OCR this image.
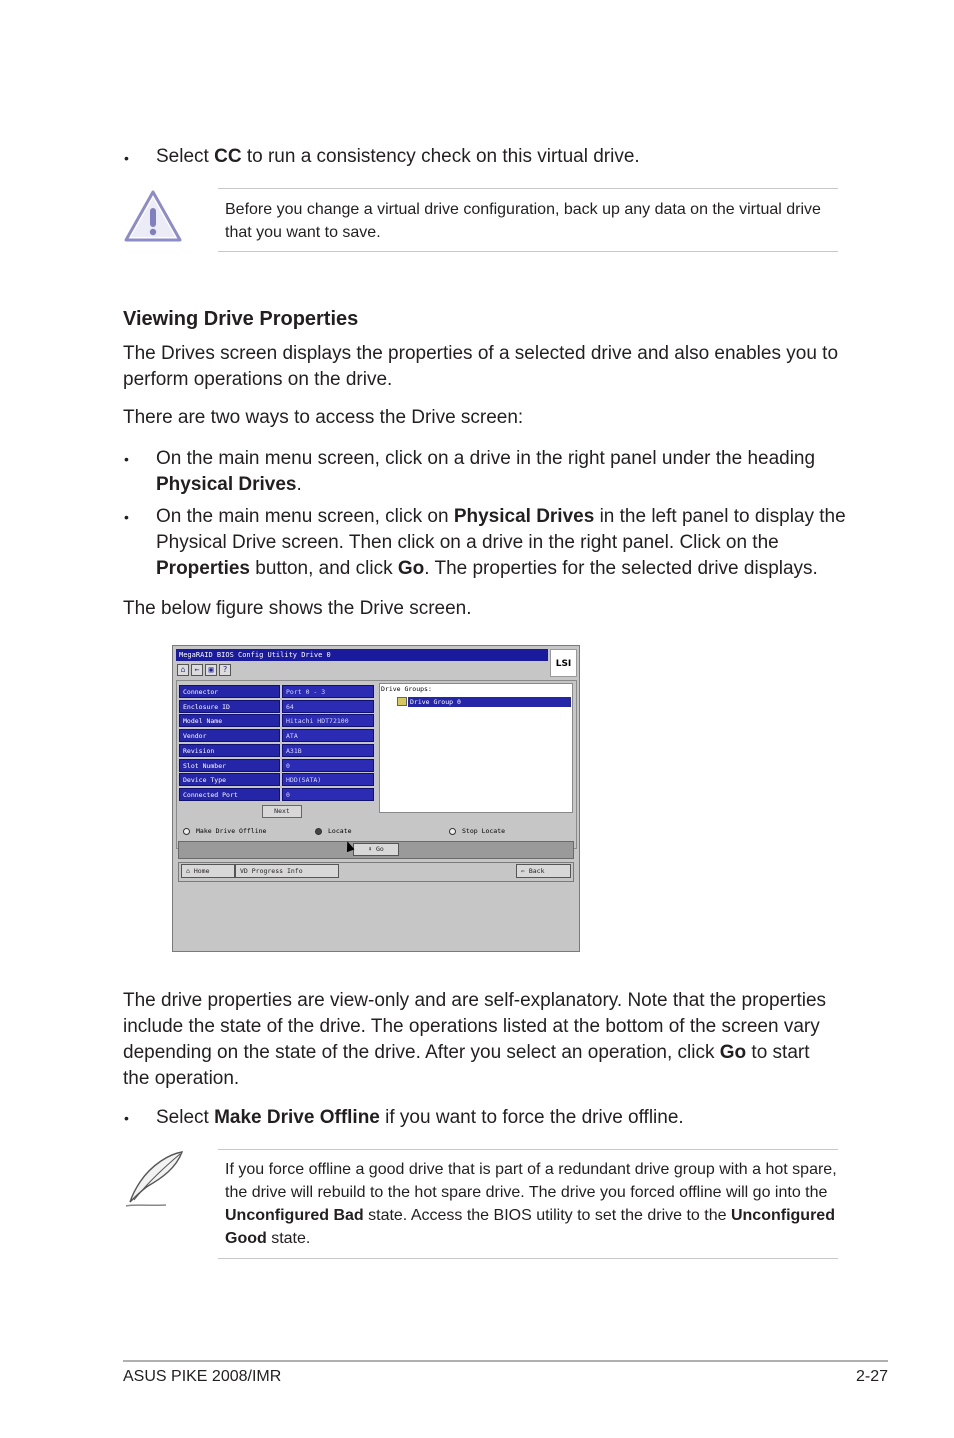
• Select CC to run a consistency check on this virtual drive.
Before you change a virtual drive configuration, back up any data on the virtual drive that you want to save.
Viewing Drive Properties
The Drives screen displays the properties of a selected drive and also enables you to perform operations on the drive.
There are two ways to access the Drive screen:
• On the main menu screen, click on a drive in the right panel under the heading Physical Drives.
• On the main menu screen, click on Physical Drives in the left panel to display the Physical Drive screen. Then click on a drive in the right panel. Click on the Properties button, and click Go. The properties for the selected drive displays.
The below figure shows the Drive screen.
MegaRAID BIOS Config Utility Drive 0
LSI
⌂	←	▣	?
Connector	Port 0 - 3
Enclosure ID	64
Model Name	Hitachi HDT72100
Vendor	ATA
Revision	A31B
Slot Number	0
Device Type	HDD(SATA)
Connected Port	0
Next
Drive Groups:
Drive Group 0
Make Drive Offline	Locate	Stop Locate
⬇ Go
⌂ Home	VD Progress Info	⇐ Back
The drive properties are view-only and are self-explanatory. Note that the properties include the state of the drive. The operations listed at the bottom of the screen vary depending on the state of the drive. After you select an operation, click Go to start the operation.
• Select Make Drive Offline if you want to force the drive offline.
If you force offline a good drive that is part of a redundant drive group with a hot spare, the drive will rebuild to the hot spare drive. The drive you forced offline will go into the Unconfigured Bad state. Access the BIOS utility to set the drive to the Unconfigured Good state.
ASUS PIKE 2008/IMR	2-27
